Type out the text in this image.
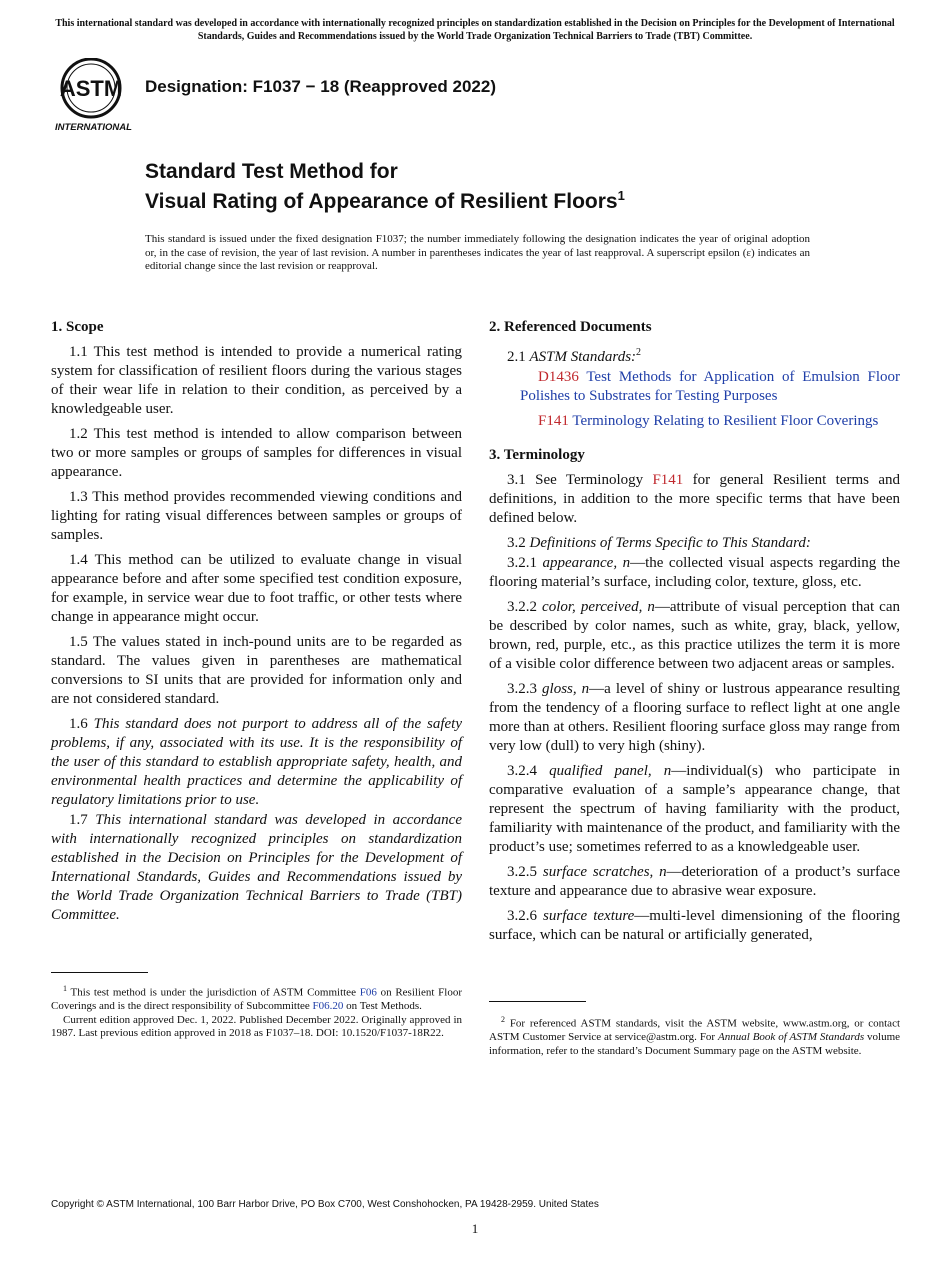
This international standard was developed in accordance with internationally recognized principles on standardization established in the Decision on Principles for the Development of International Standards, Guides and Recommendations issued by the World Trade Organization Technical Barriers to Trade (TBT) Committee.
ASTM
INTERNATIONAL
Designation: F1037 − 18 (Reapproved 2022)
Standard Test Method for
Visual Rating of Appearance of Resilient Floors$^1$
This standard is issued under the fixed designation F1037; the number immediately following the designation indicates the year of original adoption or, in the case of revision, the year of last revision. A number in parentheses indicates the year of last reapproval. A superscript epsilon (ε) indicates an editorial change since the last revision or reapproval.
1. Scope

1.1 This test method is intended to provide a numerical rating system for classification of resilient floors during the various stages of their wear life in relation to their condition, as perceived by a knowledgeable user.

1.2 This test method is intended to allow comparison between two or more samples or groups of samples for differences in visual appearance.

1.3 This method provides recommended viewing conditions and lighting for rating visual differences between samples or groups of samples.

1.4 This method can be utilized to evaluate change in visual appearance before and after some specified test condition exposure, for example, in service wear due to foot traffic, or other tests where change in appearance might occur.

1.5 The values stated in inch-pound units are to be regarded as standard. The values given in parentheses are mathematical conversions to SI units that are provided for information only and are not considered standard.

1.6 This standard does not purport to address all of the safety problems, if any, associated with its use. It is the responsibility of the user of this standard to establish appropriate safety, health, and environmental health practices and determine the applicability of regulatory limitations prior to use.

1.7 This international standard was developed in accordance with internationally recognized principles on standardization established in the Decision on Principles for the Development of International Standards, Guides and Recommendations issued by the World Trade Organization Technical Barriers to Trade (TBT) Committee.

2. Referenced Documents

2.1 ASTM Standards:$^2$

D1436 Test Methods for Application of Emulsion Floor Polishes to Substrates for Testing Purposes

F141 Terminology Relating to Resilient Floor Coverings

3. Terminology

3.1 See Terminology F141 for general Resilient terms and definitions, in addition to the more specific terms that have been defined below.

3.2 Definitions of Terms Specific to This Standard:

3.2.1 appearance, n—the collected visual aspects regarding the flooring material’s surface, including color, texture, gloss, etc.

3.2.2 color, perceived, n—attribute of visual perception that can be described by color names, such as white, gray, black, yellow, brown, red, purple, etc., as this practice utilizes the term it is more of a visible color difference between two adjacent areas or samples.

3.2.3 gloss, n—a level of shiny or lustrous appearance resulting from the tendency of a flooring surface to reflect light at one angle more than at others. Resilient flooring surface gloss may range from very low (dull) to very high (shiny).

3.2.4 qualified panel, n—individual(s) who participate in comparative evaluation of a sample’s appearance change, that represent the spectrum of having familiarity with the product, familiarity with maintenance of the product, and familiarity with the product’s use; sometimes referred to as a knowledgeable user.

3.2.5 surface scratches, n—deterioration of a product’s surface texture and appearance due to abrasive wear exposure.

3.2.6 surface texture—multi-level dimensioning of the flooring surface, which can be natural or artificially generated,

$^1$ This test method is under the jurisdiction of ASTM Committee F06 on Resilient Floor Coverings and is the direct responsibility of Subcommittee F06.20 on Test Methods.

Current edition approved Dec. 1, 2022. Published December 2022. Originally approved in 1987. Last previous edition approved in 2018 as F1037–18. DOI: 10.1520/F1037-18R22.

$^2$ For referenced ASTM standards, visit the ASTM website, www.astm.org, or contact ASTM Customer Service at service@astm.org. For Annual Book of ASTM Standards volume information, refer to the standard’s Document Summary page on the ASTM website.

Copyright © ASTM International, 100 Barr Harbor Drive, PO Box C700, West Conshohocken, PA 19428-2959. United States
1
